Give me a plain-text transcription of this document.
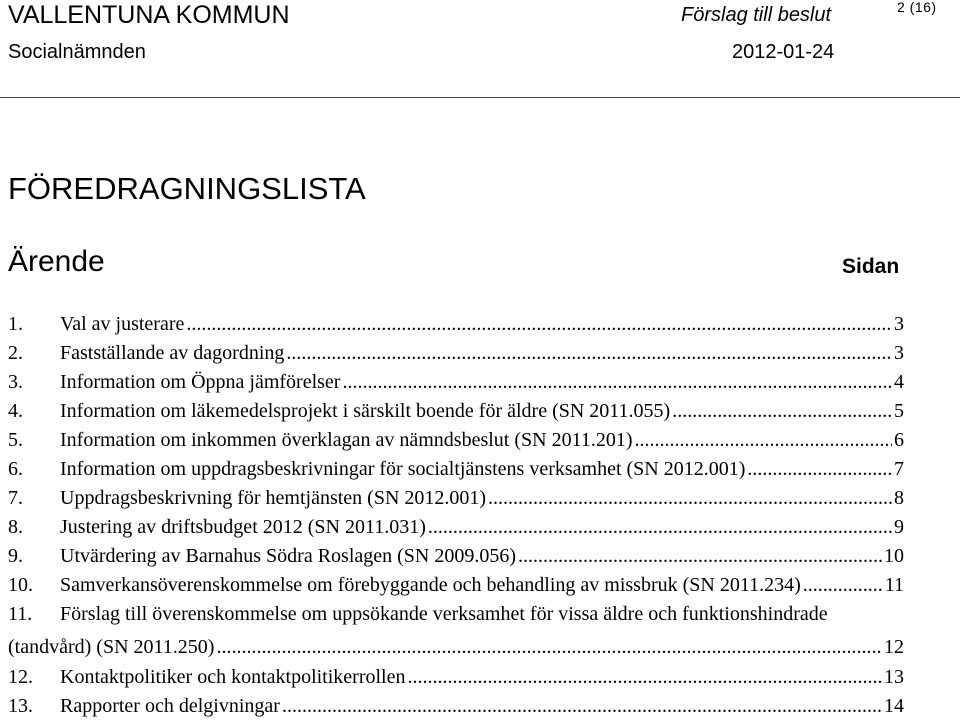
VALLENTUNA KOMMUN	Förslag till beslut	2 (16)
Socialnämnden	2012-01-24
FÖREDRAGNINGSLISTA
Ärende	Sidan
1. Val av justerare .....	3
2. Fastställande av dagordning .....	3
3. Information om Öppna jämförelser .....	4
4. Information om läkemedelsprojekt i särskilt boende för äldre (SN 2011.055) .....	5
5. Information om inkommen överklagan av nämndsbeslut (SN 2011.201) .....	6
6. Information om uppdragsbeskrivningar för socialtjänstens verksamhet (SN 2012.001) .....	7
7. Uppdragsbeskrivning för hemtjänsten (SN 2012.001) .....	8
8. Justering av driftsbudget 2012 (SN 2011.031) .....	9
9. Utvärdering av Barnahus Södra Roslagen (SN 2009.056) .....	10
10. Samverkansöverenskommelse om förebyggande och behandling av missbruk (SN 2011.234) .....	11
11. Förslag till överenskommelse om uppsökande verksamhet för vissa äldre och funktionshindrade
(tandvård) (SN 2011.250) .....	12
12. Kontaktpolitiker och kontaktpolitikerrollen .....	13
13. Rapporter och delgivningar .....	14
